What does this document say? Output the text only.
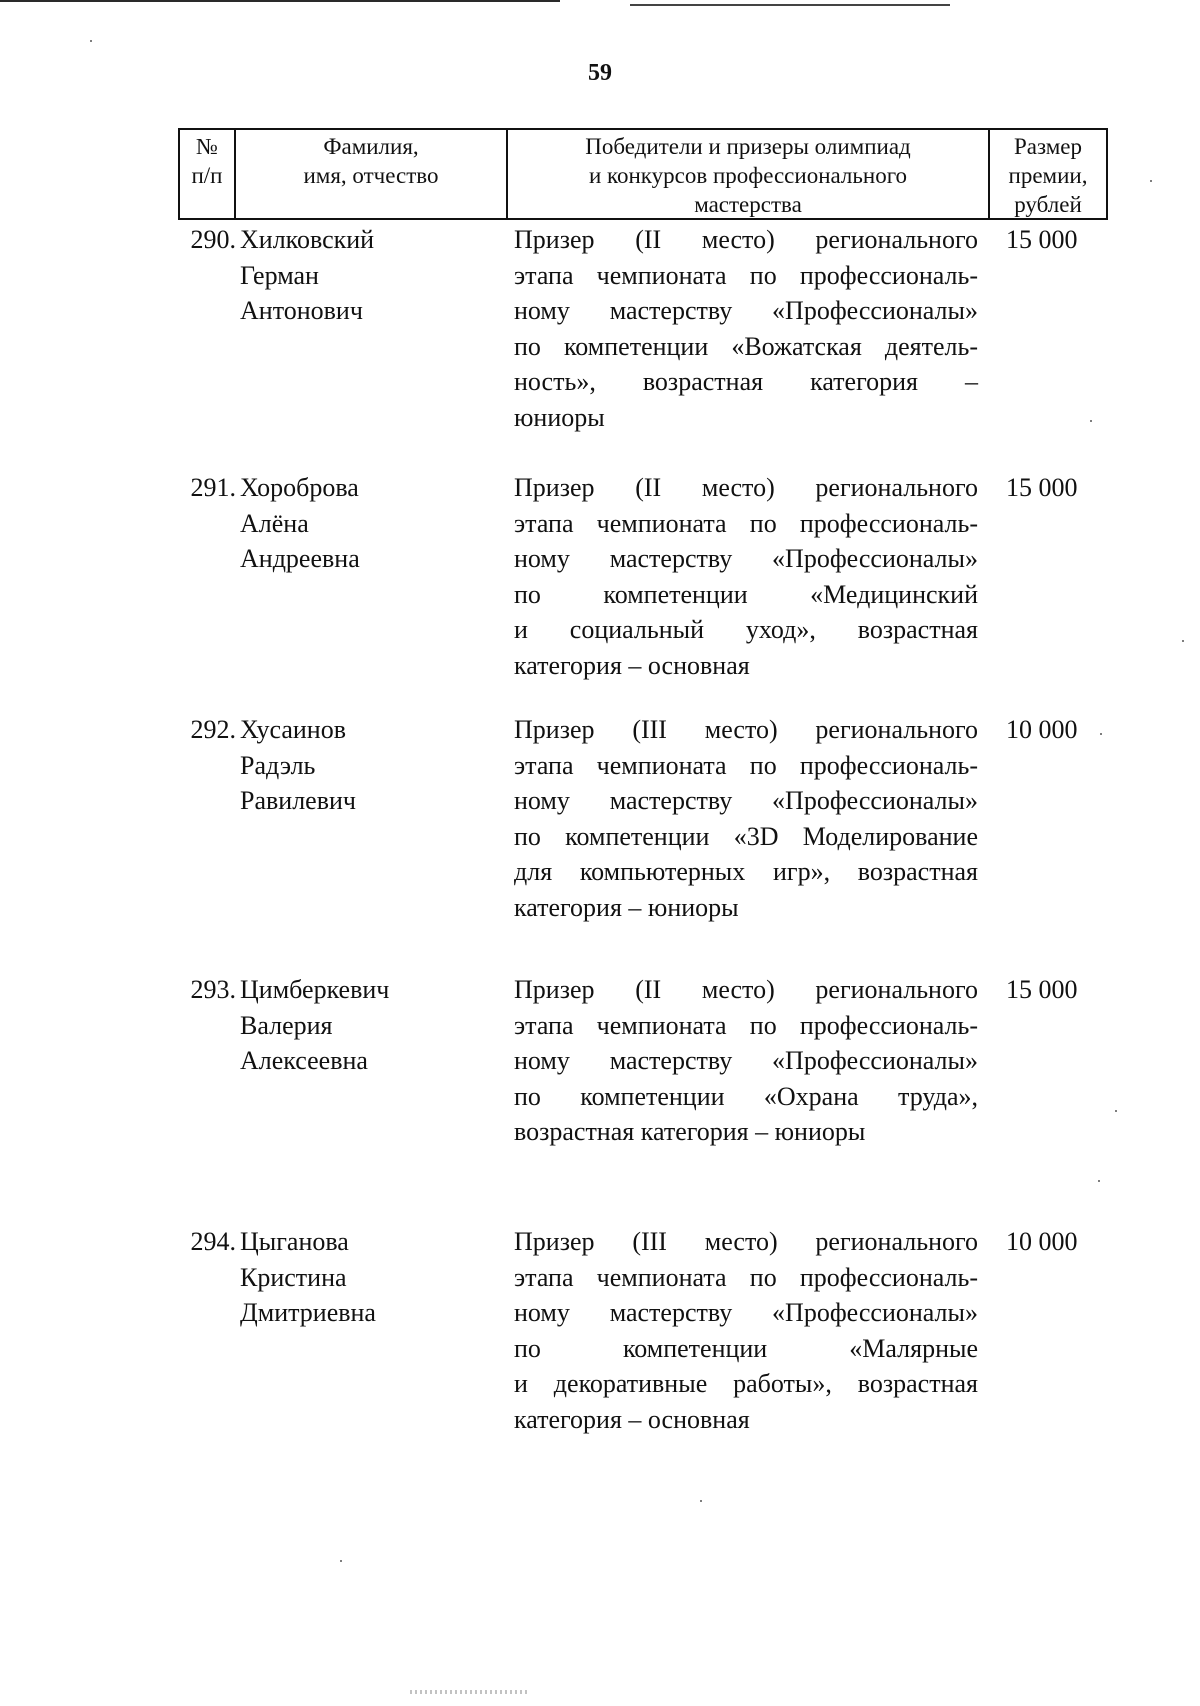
59
№
п/п
Фамилия,
имя, отчество
Победители и призеры олимпиад
и конкурсов профессионального
мастерства
Размер
премии,
рублей
290. Хилковский
Герман
Антонович
Призер (II место) регионального
этапа чемпионата по профессиональ-
ному мастерству «Профессионалы»
по компетенции «Вожатская деятель-
ность», возрастная категория –
юниоры
15 000
291. Хороброва
Алёна
Андреевна
Призер (II место) регионального
этапа чемпионата по профессиональ-
ному мастерству «Профессионалы»
по компетенции «Медицинский
и социальный уход», возрастная
категория – основная
15 000
292. Хусаинов
Радэль
Равилевич
Призер (III место) регионального
этапа чемпионата по профессиональ-
ному мастерству «Профессионалы»
по компетенции «3D Моделирование
для компьютерных игр», возрастная
категория – юниоры
10 000
293. Цимберкевич
Валерия
Алексеевна
Призер (II место) регионального
этапа чемпионата по профессиональ-
ному мастерству «Профессионалы»
по компетенции «Охрана труда»,
возрастная категория – юниоры
15 000
294. Цыганова
Кристина
Дмитриевна
Призер (III место) регионального
этапа чемпионата по профессиональ-
ному мастерству «Профессионалы»
по компетенции «Малярные
и декоративные работы», возрастная
категория – основная
10 000
